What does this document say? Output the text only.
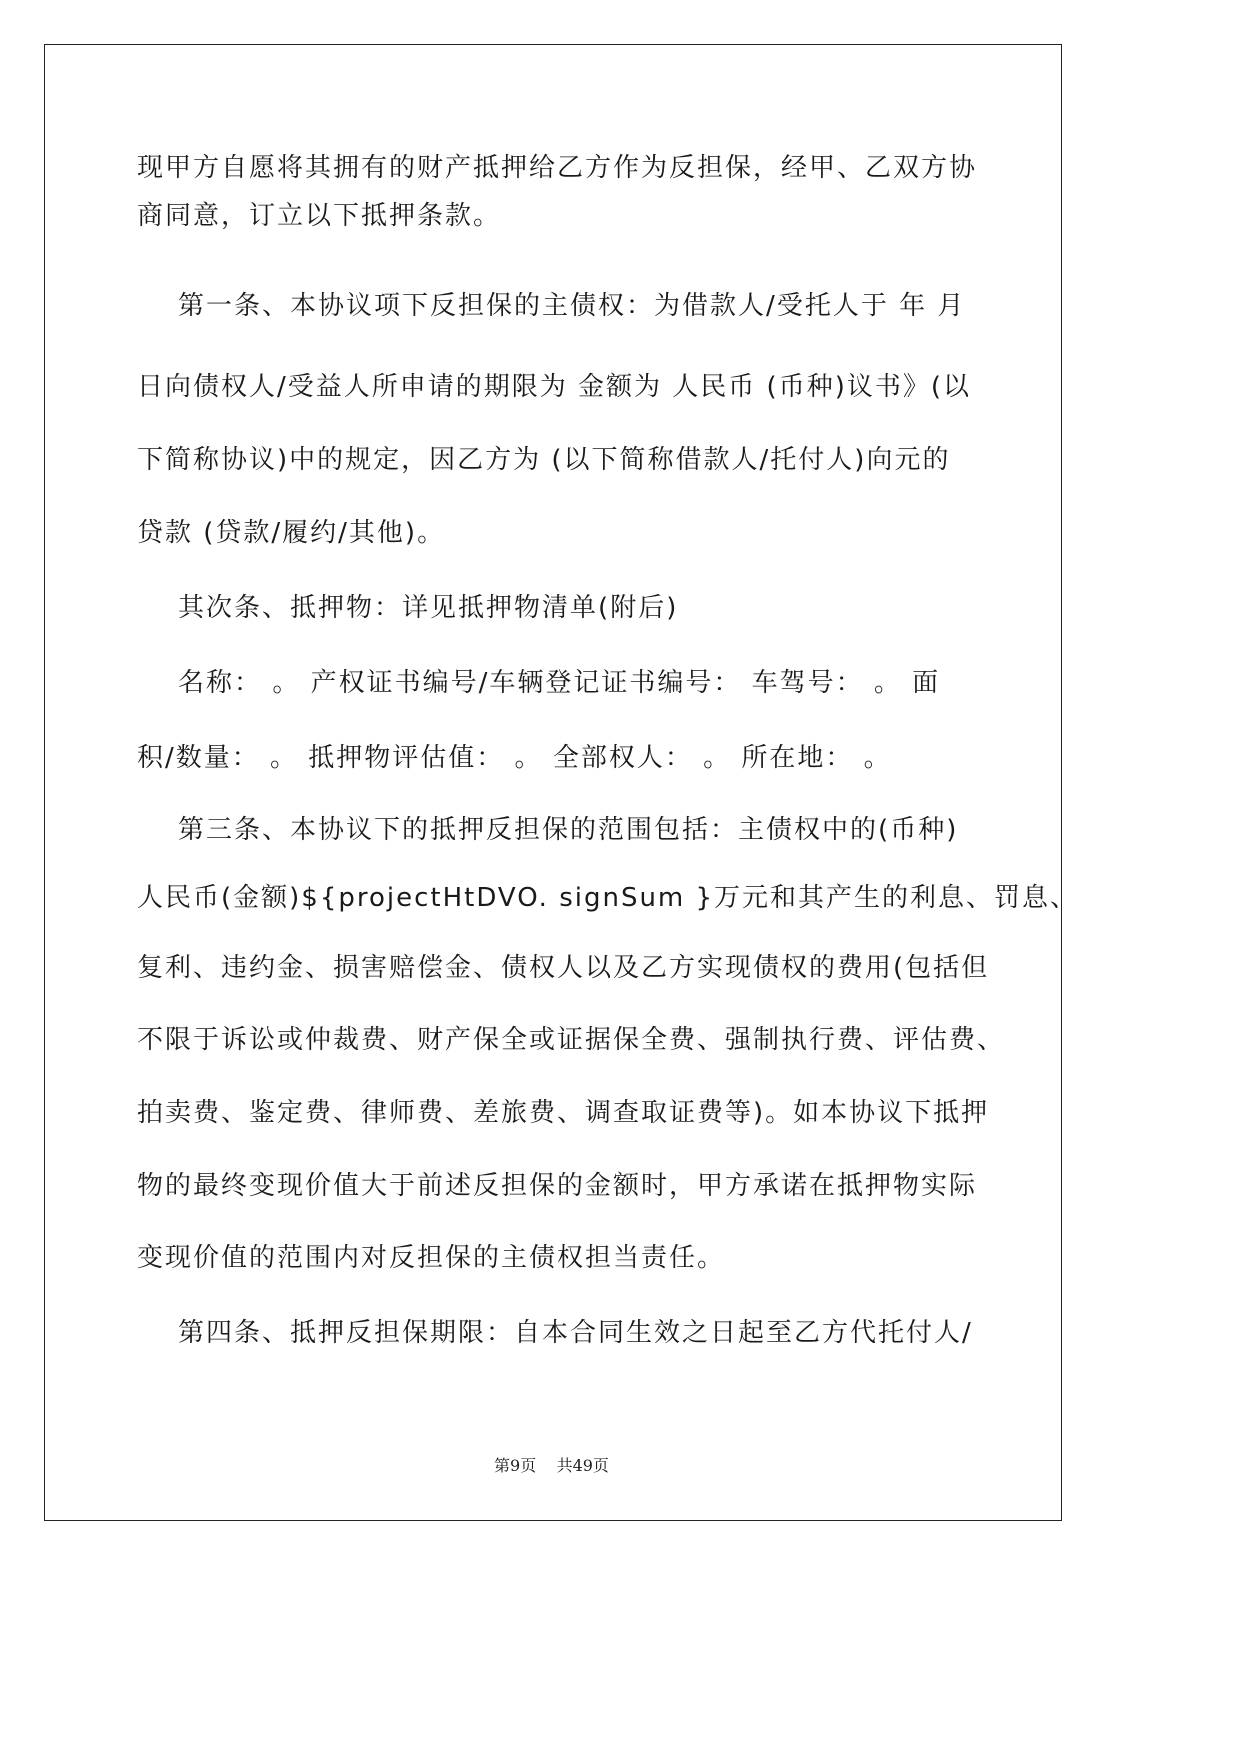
现甲方自愿将其拥有的财产抵押给乙方作为反担保，经甲、乙双方协
商同意，订立以下抵押条款。
第一条、本协议项下反担保的主债权：为借款人/受托人于 年 月
日向债权人/受益人所申请的期限为 金额为 人民币 (币种)议书》(以
下简称协议)中的规定，因乙方为 (以下简称借款人/托付人)向元的
贷款 (贷款/履约/其他)。
其次条、抵押物：详见抵押物清单(附后)
名称： 。 产权证书编号/车辆登记证书编号： 车驾号： 。 面
积/数量： 。 抵押物评估值： 。 全部权人： 。 所在地： 。
第三条、本协议下的抵押反担保的范围包括：主债权中的(币种)
人民币(金额)${projectHtDVO. signSum }万元和其产生的利息、罚息、
复利、违约金、损害赔偿金、债权人以及乙方实现债权的费用(包括但
不限于诉讼或仲裁费、财产保全或证据保全费、强制执行费、评估费、
拍卖费、鉴定费、律师费、差旅费、调查取证费等)。如本协议下抵押
物的最终变现价值大于前述反担保的金额时，甲方承诺在抵押物实际
变现价值的范围内对反担保的主债权担当责任。
第四条、抵押反担保期限：自本合同生效之日起至乙方代托付人/
第9页    共49页
